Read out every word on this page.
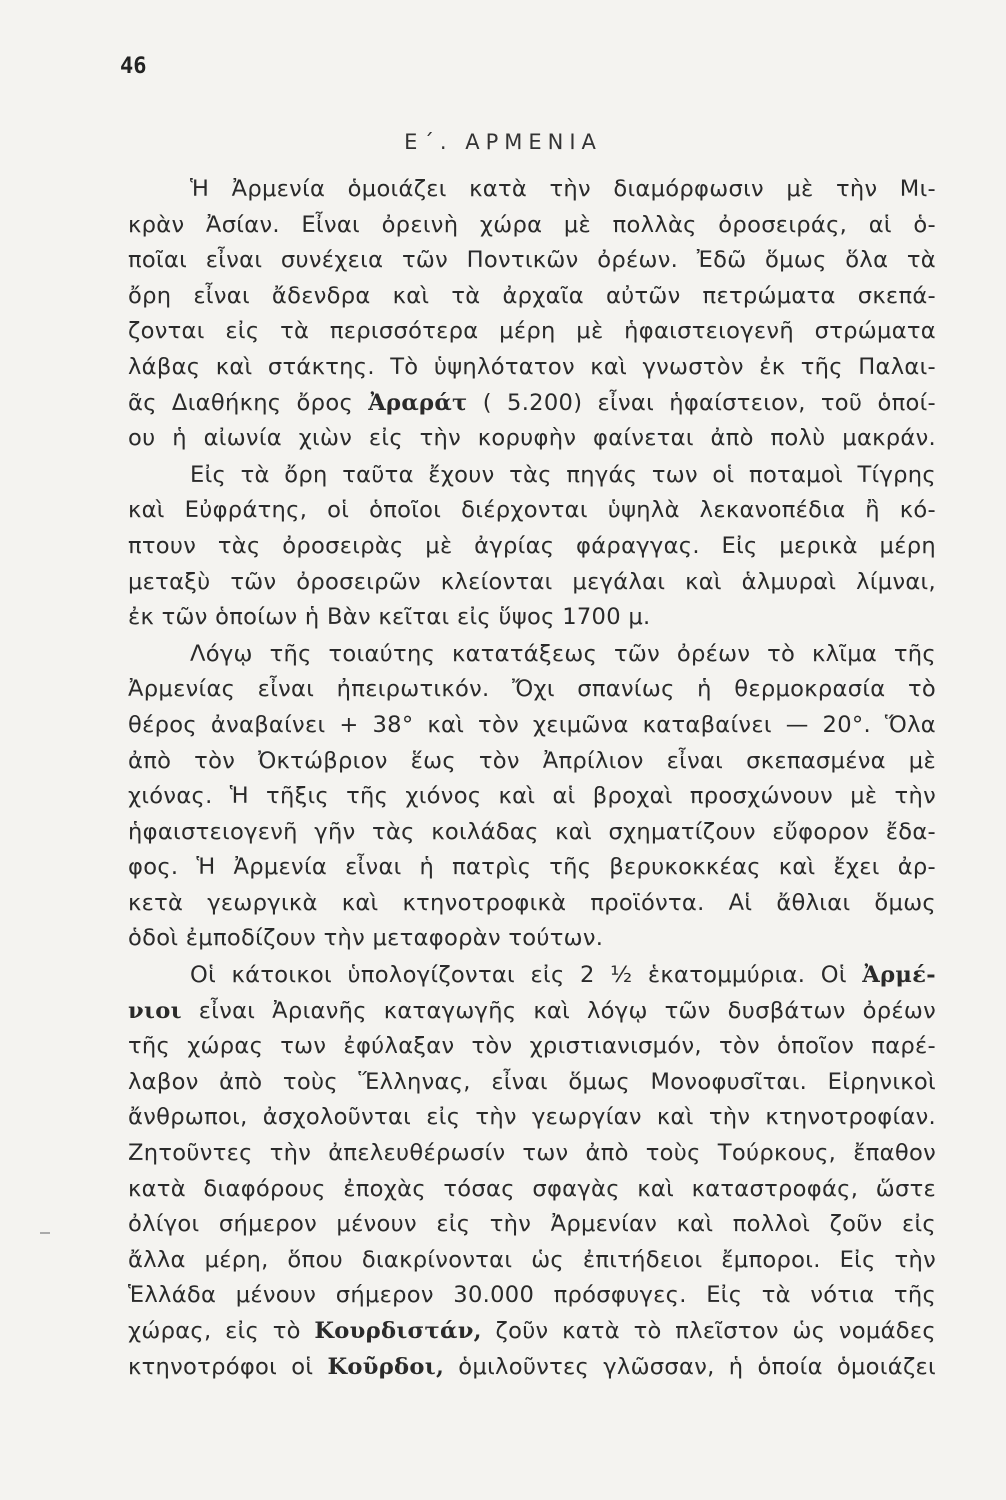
46
Ε΄. ΑΡΜΕΝΙΑ
Ἡ Ἀρμενία ὁμοιάζει κατὰ τὴν διαμόρφωσιν μὲ τὴν Μι-
κρὰν Ἀσίαν. Εἶναι ὀρεινὴ χώρα μὲ πολλὰς ὀροσειράς, αἱ ὁ-
ποῖαι εἶναι συνέχεια τῶν Ποντικῶν ὀρέων. Ἐδῶ ὅμως ὅλα τὰ
ὄρη εἶναι ἄδενδρα καὶ τὰ ἀρχαῖα αὐτῶν πετρώματα σκεπά-
ζονται εἰς τὰ περισσότερα μέρη μὲ ἡφαιστειογενῆ στρώματα
λάβας καὶ στάκτης. Τὸ ὑψηλότατον καὶ γνωστὸν ἐκ τῆς Παλαι-
ᾶς Διαθήκης ὄρος Ἀραράτ ( 5.200) εἶναι ἡφαίστειον, τοῦ ὁποί-
ου ἡ αἰωνία χιὼν εἰς τὴν κορυφὴν φαίνεται ἀπὸ πολὺ μακράν.
Εἰς τὰ ὄρη ταῦτα ἔχουν τὰς πηγάς των οἱ ποταμοὶ Τίγρης
καὶ Εὐφράτης, οἱ ὁποῖοι διέρχονται ὑψηλὰ λεκανοπέδια ἢ κό-
πτουν τὰς ὀροσειρὰς μὲ ἀγρίας φάραγγας. Εἰς μερικὰ μέρη
μεταξὺ τῶν ὀροσειρῶν κλείονται μεγάλαι καὶ ἁλμυραὶ λίμναι,
ἐκ τῶν ὁποίων ἡ Βὰν κεῖται εἰς ὕψος 1700 μ.
Λόγῳ τῆς τοιαύτης κατατάξεως τῶν ὀρέων τὸ κλῖμα τῆς
Ἀρμενίας εἶναι ἠπειρωτικόν. Ὄχι σπανίως ἡ θερμοκρασία τὸ
θέρος ἀναβαίνει + 38° καὶ τὸν χειμῶνα καταβαίνει — 20°. Ὅλα
ἀπὸ τὸν Ὀκτώβριον ἕως τὸν Ἀπρίλιον εἶναι σκεπασμένα μὲ
χιόνας. Ἡ τῆξις τῆς χιόνος καὶ αἱ βροχαὶ προσχώνουν μὲ τὴν
ἡφαιστειογενῆ γῆν τὰς κοιλάδας καὶ σχηματίζουν εὔφορον ἔδα-
φος. Ἡ Ἀρμενία εἶναι ἡ πατρὶς τῆς βερυκοκκέας καὶ ἔχει ἀρ-
κετὰ γεωργικὰ καὶ κτηνοτροφικὰ προϊόντα. Αἱ ἄθλιαι ὅμως
ὁδοὶ ἐμποδίζουν τὴν μεταφορὰν τούτων.
Οἱ κάτοικοι ὑπολογίζονται εἰς 2 ½ ἑκατομμύρια. Οἱ Ἀρμέ-
νιοι εἶναι Ἀριανῆς καταγωγῆς καὶ λόγῳ τῶν δυσβάτων ὀρέων
τῆς χώρας των ἐφύλαξαν τὸν χριστιανισμόν, τὸν ὁποῖον παρέ-
λαβον ἀπὸ τοὺς Ἕλληνας, εἶναι ὅμως Μονοφυσῖται. Εἰρηνικοὶ
ἄνθρωποι, ἀσχολοῦνται εἰς τὴν γεωργίαν καὶ τὴν κτηνοτροφίαν.
Ζητοῦντες τὴν ἀπελευθέρωσίν των ἀπὸ τοὺς Τούρκους, ἔπαθον
κατὰ διαφόρους ἐποχὰς τόσας σφαγὰς καὶ καταστροφάς, ὥστε
ὀλίγοι σήμερον μένουν εἰς τὴν Ἀρμενίαν καὶ πολλοὶ ζοῦν εἰς
ἄλλα μέρη, ὅπου διακρίνονται ὡς ἐπιτήδειοι ἔμποροι. Εἰς τὴν
Ἑλλάδα μένουν σήμερον 30.000 πρόσφυγες. Εἰς τὰ νότια τῆς
χώρας, εἰς τὸ Κουρδιστάν, ζοῦν κατὰ τὸ πλεῖστον ὡς νομάδες
κτηνοτρόφοι οἱ Κοῦρδοι, ὁμιλοῦντες γλῶσσαν, ἡ ὁποία ὁμοιάζει
